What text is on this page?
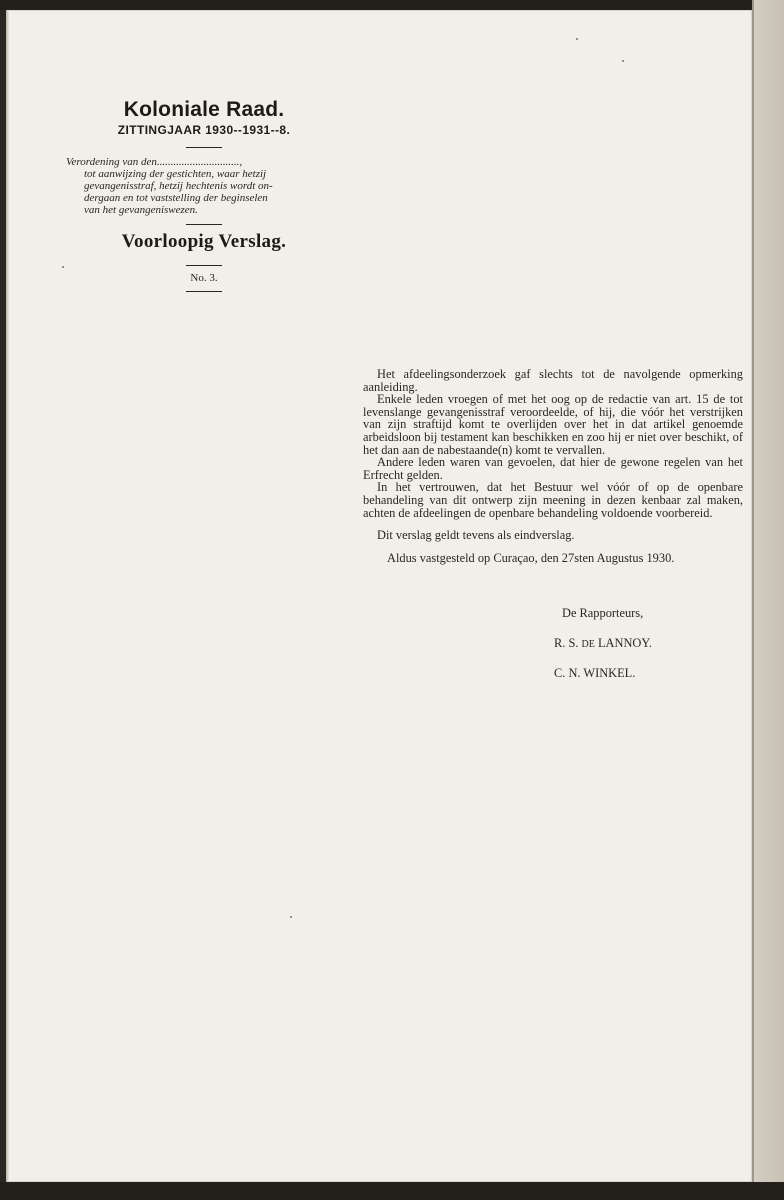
Koloniale Raad.
ZITTINGJAAR 1930--1931--8.
Verordening van den..............................,
tot aanwijzing der gestichten, waar hetzij
gevangenisstraf, hetzij hechtenis wordt on-
dergaan en tot vaststelling der beginselen
van het gevangeniswezen.
Voorloopig Verslag.
No. 3.

Het afdeelingsonderzoek gaf slechts tot de navolgende opmerking aanleiding.

Enkele leden vroegen of met het oog op de redactie van art. 15 de tot levenslange gevangenisstraf veroordeelde, of hij, die vóór het verstrijken van zijn straftijd komt te overlijden over het in dat artikel genoemde arbeidsloon bij testament kan beschikken en zoo hij er niet over beschikt, of het dan aan de nabestaande(n) komt te vervallen.

Andere leden waren van gevoelen, dat hier de gewone regelen van het Erfrecht gelden.

In het vertrouwen, dat het Bestuur wel vóór of op de openbare behandeling van dit ontwerp zijn meening in dezen kenbaar zal maken, achten de afdeelingen de openbare behandeling voldoende voorbereid.

Dit verslag geldt tevens als eindverslag.

Aldus vastgesteld op Curaçao, den 27sten Augustus 1930.

De Rapporteurs,
R. S. DE LANNOY.
C. N. WINKEL.
